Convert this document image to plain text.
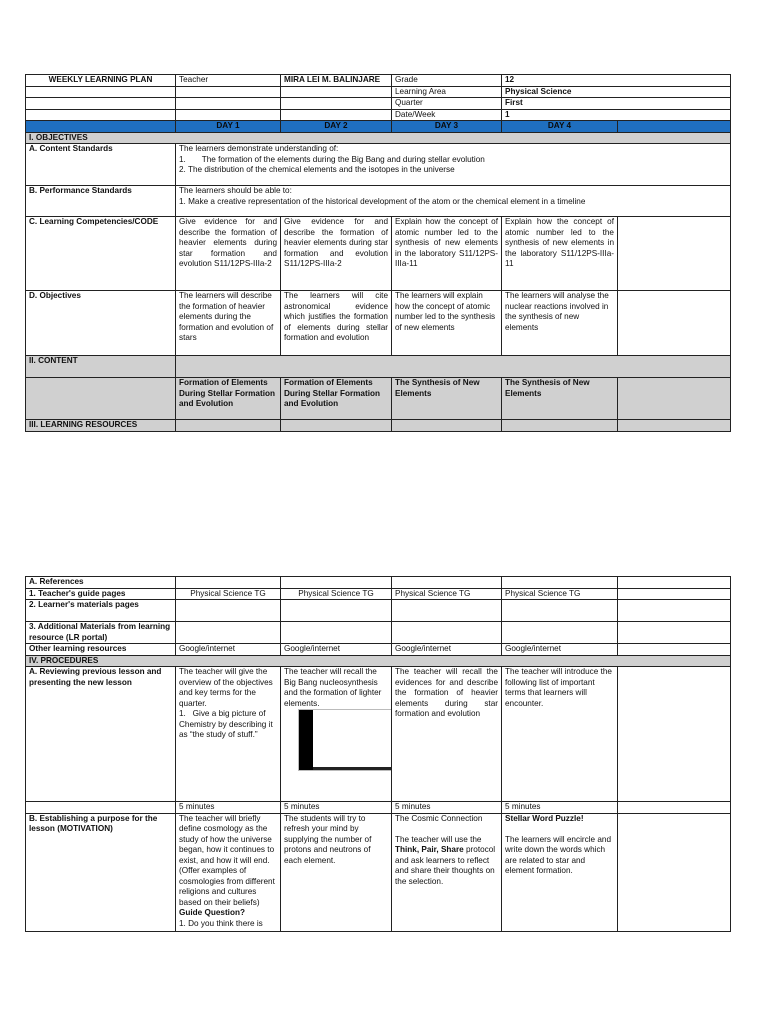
WEEKLY LEARNING PLAN	Teacher	MIRA LEI M. BALINJARE	Grade	12	
			Learning Area	Physical Science	
			Quarter	First	
			Date/Week	1	
	DAY 1	DAY 2	DAY 3	DAY 4	
I. OBJECTIVES					
A. Content Standards	The learners demonstrate understanding of:
1.       The formation of the elements during the Big Bang and during stellar evolution
2. The distribution of the chemical elements and the isotopes in the universe				

B. Performance Standards	The learners should be able to:
1. Make a creative representation of the historical development of the atom or the chemical element in a timeline				

C. Learning Competencies/CODE	Give evidence for and describe the formation of heavier elements during star formation and evolution S11/12PS-IIIa-2	Give evidence for and describe the formation of heavier elements during star formation and evolution S11/12PS-IIIa-2	Explain how the concept of atomic number led to the synthesis of new elements in the laboratory S11/12PS-IIIa-11	Explain how the concept of atomic number led to the synthesis of new elements in the laboratory S11/12PS-IIIa-11	
D. Objectives	The learners will describe the formation of heavier elements during the formation and evolution of stars	The learners will cite astronomical evidence which justifies the formation of elements during stellar formation and evolution	The learners will explain how the concept of atomic number led to the synthesis of new elements	The learners will analyse the nuclear reactions involved in the synthesis of new elements	
II. CONTENT					
	Formation of Elements During Stellar Formation and Evolution	Formation of Elements During Stellar Formation and Evolution	The Synthesis of New Elements	The Synthesis of New Elements	
III. LEARNING RESOURCES					
A. References					
1. Teacher's guide pages	Physical Science TG	Physical Science TG	Physical Science TG	Physical Science TG	
2. Learner's materials pages					
3. Additional Materials from learning resource (LR portal)					
Other learning resources	Google/internet	Google/internet	Google/internet	Google/internet	
IV. PROCEDURES					
A. Reviewing previous lesson and presenting the new lesson	The teacher will give the overview of the objectives and key terms for the quarter.
1.   Give a big picture of Chemistry by describing it as “the study of stuff.”	The teacher will recall the Big Bang nucleosynthesis and the formation of lighter elements.	The teacher will recall the evidences for and describe the formation of heavier elements during star formation and evolution	The teacher will introduce the following list of important terms that learners will encounter.	
	5 minutes	5 minutes	5 minutes	5 minutes	
B. Establishing a purpose for the lesson (MOTIVATION)	The teacher will briefly define cosmology as the study of how the universe began, how it continues to exist, and how it will end. (Offer examples of cosmologies from different religions and cultures based on their beliefs)
Guide Question?
1. Do you think there is	The students will try to refresh your mind by supplying the number of protons and neutrons of each element.	The Cosmic Connection

The teacher will use the Think, Pair, Share protocol and ask learners to reflect and share their thoughts on the selection.	Stellar Word Puzzle!

The learners will encircle and write down the words which are related to star and element formation.	
